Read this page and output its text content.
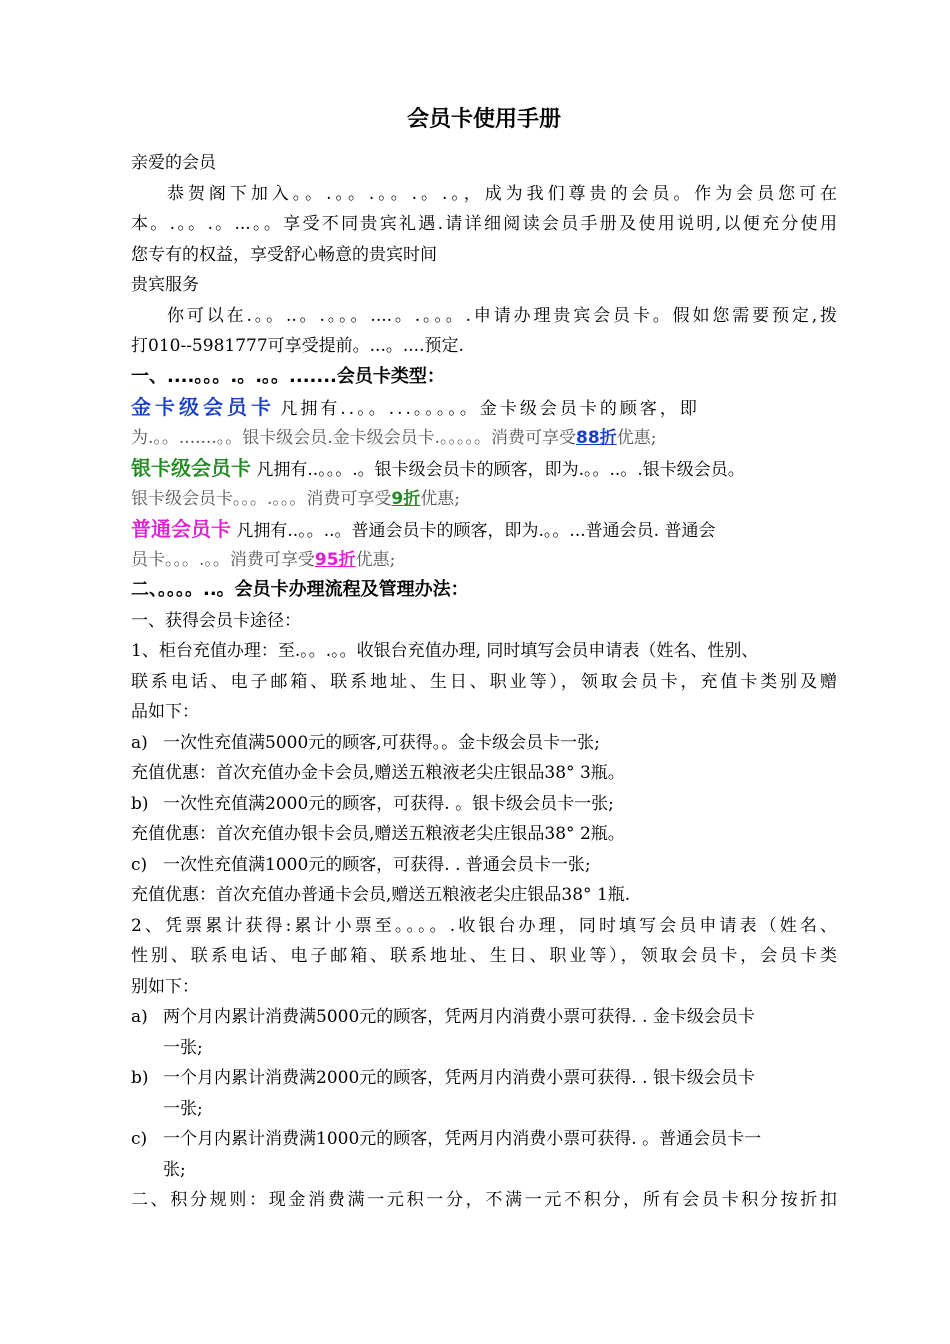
会员卡使用手册
亲爱的会员
恭贺阁下加入。。.。。.。。.。.。，成为我们尊贵的会员。作为会员您可在
本。.。。.。...。。享受不同贵宾礼遇.请详细阅读会员手册及使用说明,以便充分使用
您专有的权益，享受舒心畅意的贵宾时间
贵宾服务
你可以在.。。..。.。。。....。.。。。.申请办理贵宾会员卡。假如您需要预定,拨
打010--5981777可享受提前。...。....预定.
一、....。。。.。.。。.......会员卡类型：
金卡级会员卡 凡拥有..。。...。。。。。金卡级会员卡的顾客，即
为.。。.......。。银卡级会员.金卡级会员卡.。。。。。消费可享受88折优惠;
银卡级会员卡 凡拥有..。。。.。银卡级会员卡的顾客，即为.。。..。.银卡级会员。
银卡级会员卡。。。.。。。消费可享受9折优惠;
普通会员卡 凡拥有..。。..。普通会员卡的顾客，即为.。。...普通会员. 普通会
员卡。。。.。。消费可享受95折优惠;
二、。。。。..。会员卡办理流程及管理办法：
一、获得会员卡途径：
1、柜台充值办理：至.。。.。。收银台充值办理, 同时填写会员申请表（姓名、性别、
联系电话、电子邮箱、联系地址、生日、职业等），领取会员卡，充值卡类别及赠
品如下：
a) 一次性充值满5000元的顾客,可获得。。金卡级会员卡一张;
充值优惠：首次充值办金卡会员,赠送五粮液老尖庄银品38° 3瓶。
b) 一次性充值满2000元的顾客，可获得. 。银卡级会员卡一张;
充值优惠：首次充值办银卡会员,赠送五粮液老尖庄银品38° 2瓶。
c) 一次性充值满1000元的顾客，可获得. . 普通会员卡一张;
充值优惠：首次充值办普通卡会员,赠送五粮液老尖庄银品38° 1瓶.
2、凭票累计获得:累计小票至。。。。.收银台办理，同时填写会员申请表（姓名、
性别、联系电话、电子邮箱、联系地址、生日、职业等），领取会员卡，会员卡类
别如下：
a) 两个月内累计消费满5000元的顾客，凭两月内消费小票可获得. . 金卡级会员卡
一张;
b) 一个月内累计消费满2000元的顾客，凭两月内消费小票可获得. . 银卡级会员卡
一张;
c) 一个月内累计消费满1000元的顾客，凭两月内消费小票可获得. 。普通会员卡一
张;
二、积分规则：现金消费满一元积一分，不满一元不积分，所有会员卡积分按折扣
